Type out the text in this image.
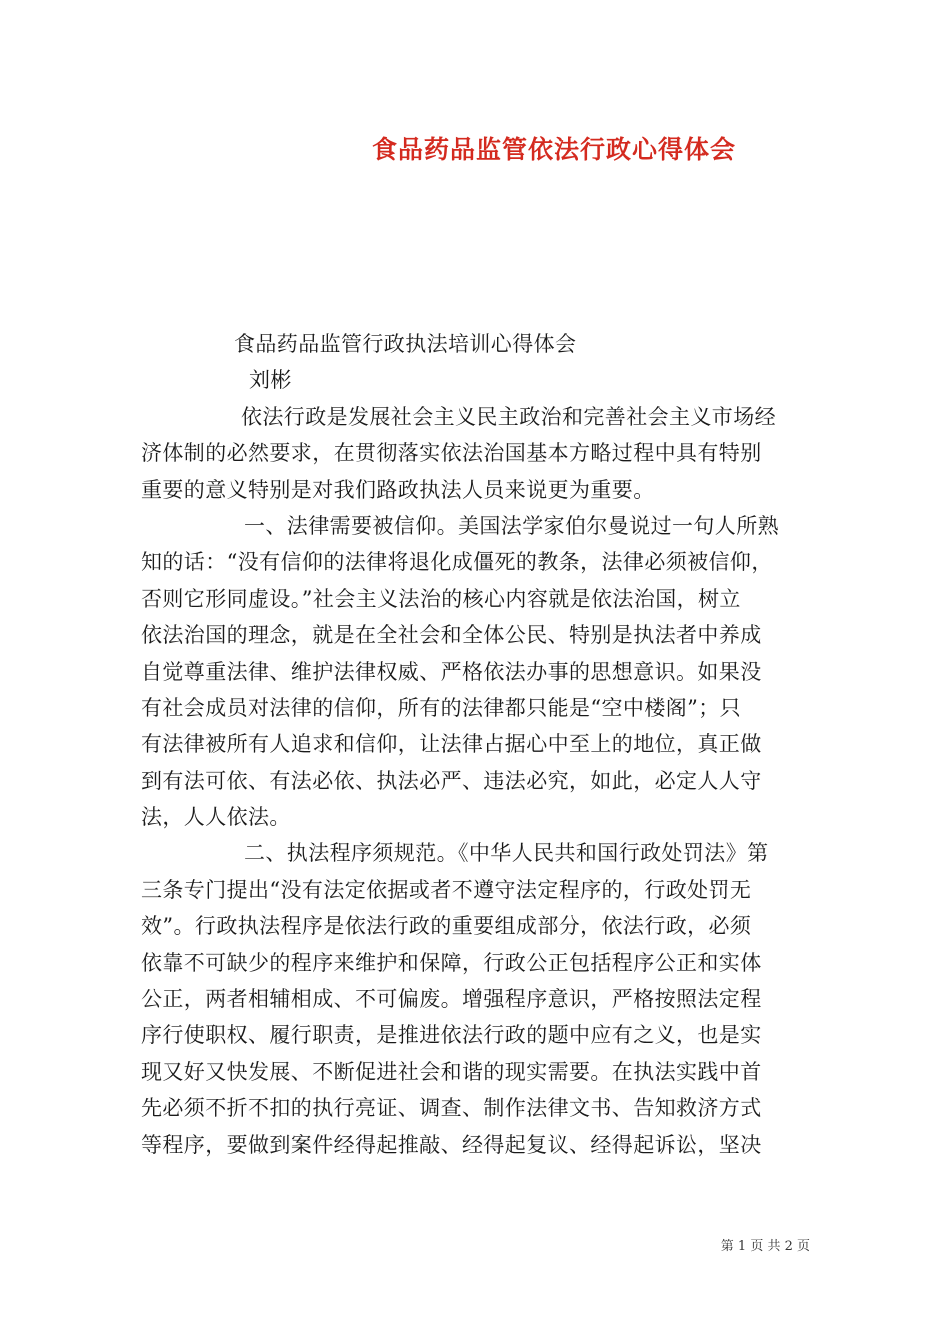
食品药品监管依法行政心得体会
食品药品监管行政执法培训心得体会
刘彬
依法行政是发展社会主义民主政治和完善社会主义市场经
济体制的必然要求，在贯彻落实依法治国基本方略过程中具有特别
重要的意义特别是对我们路政执法人员来说更为重要。
一、法律需要被信仰。美国法学家伯尔曼说过一句人所熟
知的话：“没有信仰的法律将退化成僵死的教条，法律必须被信仰，
否则它形同虚设。”社会主义法治的核心内容就是依法治国，树立
依法治国的理念，就是在全社会和全体公民、特别是执法者中养成
自觉尊重法律、维护法律权威、严格依法办事的思想意识。如果没
有社会成员对法律的信仰，所有的法律都只能是“空中楼阁”；只
有法律被所有人追求和信仰，让法律占据心中至上的地位，真正做
到有法可依、有法必依、执法必严、违法必究，如此，必定人人守
法，人人依法。
二、执法程序须规范。《中华人民共和国行政处罚法》第
三条专门提出“没有法定依据或者不遵守法定程序的，行政处罚无
效”。行政执法程序是依法行政的重要组成部分，依法行政，必须
依靠不可缺少的程序来维护和保障，行政公正包括程序公正和实体
公正，两者相辅相成、不可偏废。增强程序意识，严格按照法定程
序行使职权、履行职责，是推进依法行政的题中应有之义，也是实
现又好又快发展、不断促进社会和谐的现实需要。在执法实践中首
先必须不折不扣的执行亮证、调查、制作法律文书、告知救济方式
等程序，要做到案件经得起推敲、经得起复议、经得起诉讼，坚决
第 1 页 共 2 页
